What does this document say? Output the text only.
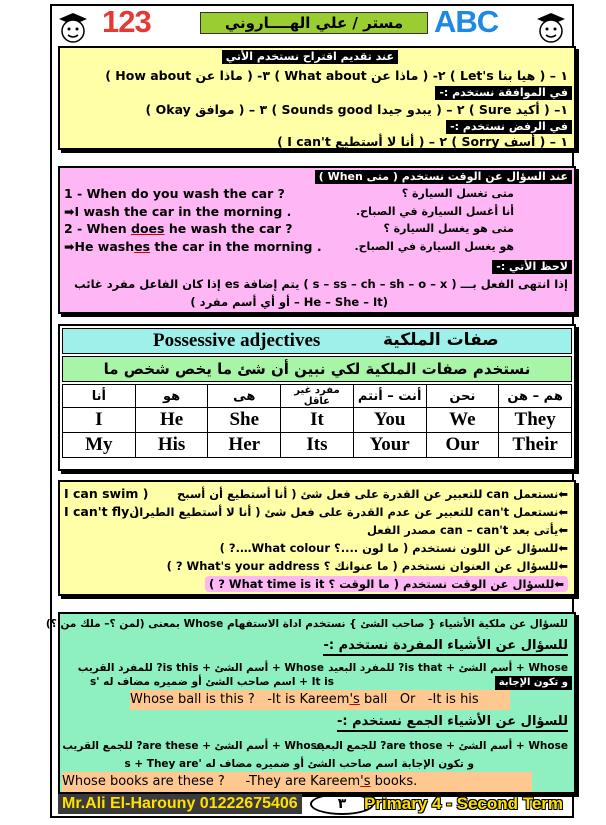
123	مستر / علي الهــــاروني ABC
عند تقديم اقتراح نستخدم الأتي
١ – ( هيا بنا Let's ) ٢- ( ماذا عن What about ) ٣- ( ماذا عن How about )
في الموافقة نستخدم :-
١– ( أكيد Sure ) ٢ – ( يبدو جيدا Sounds good ) ٣ – ( موافق Okay )
في الرفض نستخدم :-
١ – ( أسف Sorry ) ٢ – ( أنا لا أستطيع I can't )
عند السؤال عن الوقت نستخدم ( متى When )
1 - When do you wash the car ?	متى تغسل السيارة ؟
➡I wash the car in the morning .	أنا أغسل السيارة في الصباح.
2 - When does he wash the car ?	متى هو يغسل السيارة ؟
➡He washes the car in the morning .	هو يغسل السيارة في الصباح.
لاحظ الأتي :-
إذا انتهى الفعل بـــ ( s – ss – ch – sh – o – x ) يتم إضافة es إذا كان الفاعل مفرد غائب
(He – She – It – أو أي أسم مفرد )
Possessive adjectives	صفات الملكية
نستخدم صفات الملكية لكي نبين أن شئ ما يخص شخص ما
أنا	هو	هى	مفرد غير عاقل	أنت – أنتم	نحن	هم – هن
I	He	She	It	You	We	They
My	His	Her	Its	Your	Our	Their
I can swim )	⬅نستعمل can للتعبير عن القدرة على فعل شئ ( أنا أستطيع أن أسبح
I can't fly )	⬅نستعمل can't للتعبير عن عدم القدرة على فعل شئ ( أنا لا أستطيع الطيران
⬅يأتى بعد can – can't مصدر الفعل
⬅للسؤال عن اللون نستخدم ( ما لون ....؟ What colour….? )
⬅للسؤال عن العنوان نستخدم ( ما عنوانك ؟ What's your address ? )
⬅للسؤال عن الوقت نستخدم ( ما الوقت ؟ What time is it ? )
للسؤال عن ملكية الأشياء { صاحب الشئ } نستخدم اداة الاستفهام Whose بمعنى (لمن ؟– ملك من ؟)
للسؤال عن الأشياء المفردة نستخدم :-
Whose + أسم الشئ + is that? للمفرد البعيد
Whose + أسم الشئ + is this? للمفرد القريب
و تكون الإجابة
It is + اسم صاحب الشئ أو ضميره مضاف له 's
Whose ball is this ? -It is Kareem's ball Or -It is his
للسؤال عن الأشياء الجمع نستخدم :-
Whose + أسم الشئ + are those? للجمع البعيد
Whose + أسم الشئ + are these? للجمع القريب
و تكون الإجابة اسم صاحب الشئ أو ضميره مضاف له 's + They are
Whose books are these ? -They are Kareem's books.
Mr.Ali El-Harouny 01222675406	٣	Primary 4 - Second Term
